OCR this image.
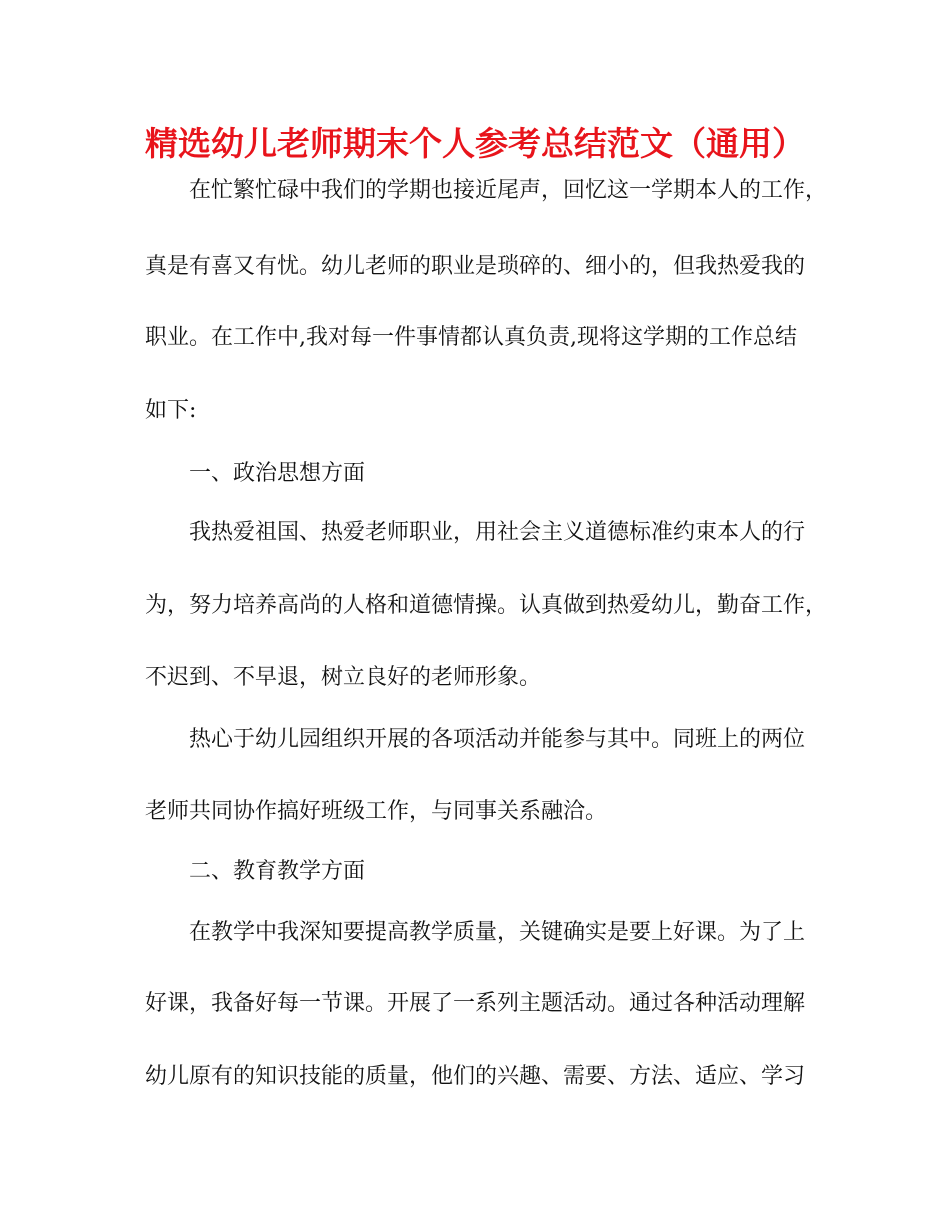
精选幼儿老师期末个人参考总结范文（通用）
在忙繁忙碌中我们的学期也接近尾声，回忆这一学期本人的工作，
真是有喜又有忧。幼儿老师的职业是琐碎的、细小的，但我热爱我的
职业。在工作中,我对每一件事情都认真负责,现将这学期的工作总结
如下:
一、政治思想方面
我热爱祖国、热爱老师职业，用社会主义道德标准约束本人的行
为，努力培养高尚的人格和道德情操。认真做到热爱幼儿，勤奋工作，
不迟到、不早退，树立良好的老师形象。
热心于幼儿园组织开展的各项活动并能参与其中。同班上的两位
老师共同协作搞好班级工作，与同事关系融洽。
二、教育教学方面
在教学中我深知要提高教学质量，关键确实是要上好课。为了上
好课，我备好每一节课。开展了一系列主题活动。通过各种活动理解
幼儿原有的知识技能的质量，他们的兴趣、需要、方法、适应、学习
